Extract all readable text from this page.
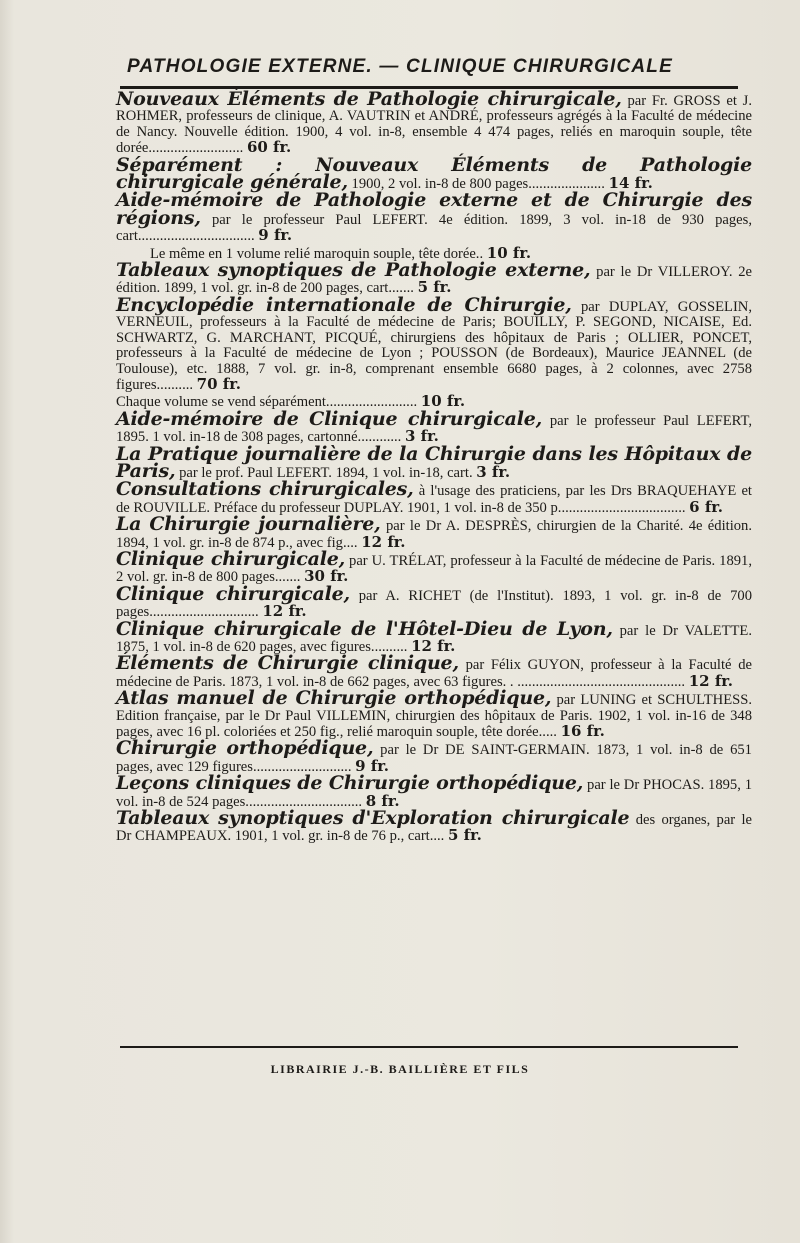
PATHOLOGIE EXTERNE. — CLINIQUE CHIRURGICALE
Nouveaux Éléments de Pathologie chirurgicale, par Fr. GROSS et J. ROHMER, professeurs de clinique, A. VAUTRIN et ANDRÉ, professeurs agrégés à la Faculté de médecine de Nancy. Nouvelle édition. 1900, 4 vol. in-8, ensemble 4 474 pages, reliés en maroquin souple, tête dorée.......................... 60 fr.
Séparément : Nouveaux Éléments de Pathologie chirurgicale générale, 1900, 2 vol. in-8 de 800 pages..................... 14 fr.
Aide-mémoire de Pathologie externe et de Chirurgie des régions, par le professeur Paul LEFERT. 4e édition. 1899, 3 vol. in-18 de 930 pages, cart................................ 9 fr.
Le même en 1 volume relié maroquin souple, tête dorée.. 10 fr.
Tableaux synoptiques de Pathologie externe, par le Dr VILLEROY. 2e édition. 1899, 1 vol. gr. in-8 de 200 pages, cart....... 5 fr.
Encyclopédie internationale de Chirurgie, par DUPLAY, GOSSELIN, VERNEUIL, professeurs à la Faculté de médecine de Paris; BOUILLY, P. SEGOND, NICAISE, Ed. SCHWARTZ, G. MARCHANT, PICQUÉ, chirurgiens des hôpitaux de Paris ; OLLIER, PONCET, professeurs à la Faculté de médecine de Lyon ; POUSSON (de Bordeaux), Maurice JEANNEL (de Toulouse), etc. 1888, 7 vol. gr. in-8, comprenant ensemble 6680 pages, à 2 colonnes, avec 2758 figures.......... 70 fr.
Chaque volume se vend séparément......................... 10 fr.
Aide-mémoire de Clinique chirurgicale, par le professeur Paul LEFERT, 1895. 1 vol. in-18 de 308 pages, cartonné............ 3 fr.
La Pratique journalière de la Chirurgie dans les Hôpitaux de Paris, par le prof. Paul LEFERT. 1894, 1 vol. in-18, cart. 3 fr.
Consultations chirurgicales, à l'usage des praticiens, par les Drs BRAQUEHAYE et de ROUVILLE. Préface du professeur DUPLAY. 1901, 1 vol. in-8 de 350 p................................... 6 fr.
La Chirurgie journalière, par le Dr A. DESPRÈS, chirurgien de la Charité. 4e édition. 1894, 1 vol. gr. in-8 de 874 p., avec fig.... 12 fr.
Clinique chirurgicale, par U. TRÉLAT, professeur à la Faculté de médecine de Paris. 1891, 2 vol. gr. in-8 de 800 pages....... 30 fr.
Clinique chirurgicale, par A. RICHET (de l'Institut). 1893, 1 vol. gr. in-8 de 700 pages.............................. 12 fr.
Clinique chirurgicale de l'Hôtel-Dieu de Lyon, par le Dr VALETTE. 1875, 1 vol. in-8 de 620 pages, avec figures.......... 12 fr.
Éléments de Chirurgie clinique, par Félix GUYON, professeur à la Faculté de médecine de Paris. 1873, 1 vol. in-8 de 662 pages, avec 63 figures. . .............................................. 12 fr.
Atlas manuel de Chirurgie orthopédique, par LUNING et SCHULTHESS. Edition française, par le Dr Paul VILLEMIN, chirurgien des hôpitaux de Paris. 1902, 1 vol. in-16 de 348 pages, avec 16 pl. coloriées et 250 fig., relié maroquin souple, tête dorée..... 16 fr.
Chirurgie orthopédique, par le Dr DE SAINT-GERMAIN. 1873, 1 vol. in-8 de 651 pages, avec 129 figures........................... 9 fr.
Leçons cliniques de Chirurgie orthopédique, par le Dr PHOCAS. 1895, 1 vol. in-8 de 524 pages................................ 8 fr.
Tableaux synoptiques d'Exploration chirurgicale des organes, par le Dr CHAMPEAUX. 1901, 1 vol. gr. in-8 de 76 p., cart.... 5 fr.
LIBRAIRIE J.-B. BAILLIÈRE ET FILS
